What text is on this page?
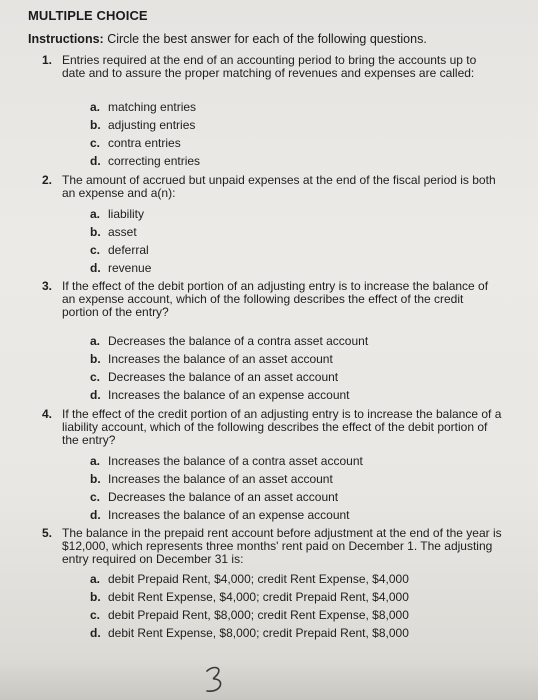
MULTIPLE CHOICE
Instructions: Circle the best answer for each of the following questions.
1. Entries required at the end of an accounting period to bring the accounts up to date and to assure the proper matching of revenues and expenses are called:
a. matching entries
b. adjusting entries
c. contra entries
d. correcting entries
2. The amount of accrued but unpaid expenses at the end of the fiscal period is both an expense and a(n):
a. liability
b. asset
c. deferral
d. revenue
3. If the effect of the debit portion of an adjusting entry is to increase the balance of an expense account, which of the following describes the effect of the credit portion of the entry?
a. Decreases the balance of a contra asset account
b. Increases the balance of an asset account
c. Decreases the balance of an asset account
d. Increases the balance of an expense account
4. If the effect of the credit portion of an adjusting entry is to increase the balance of a liability account, which of the following describes the effect of the debit portion of the entry?
a. Increases the balance of a contra asset account
b. Increases the balance of an asset account
c. Decreases the balance of an asset account
d. Increases the balance of an expense account
5. The balance in the prepaid rent account before adjustment at the end of the year is $12,000, which represents three months' rent paid on December 1. The adjusting entry required on December 31 is:
a. debit Prepaid Rent, $4,000; credit Rent Expense, $4,000
b. debit Rent Expense, $4,000; credit Prepaid Rent, $4,000
c. debit Prepaid Rent, $8,000; credit Rent Expense, $8,000
d. debit Rent Expense, $8,000; credit Prepaid Rent, $8,000
